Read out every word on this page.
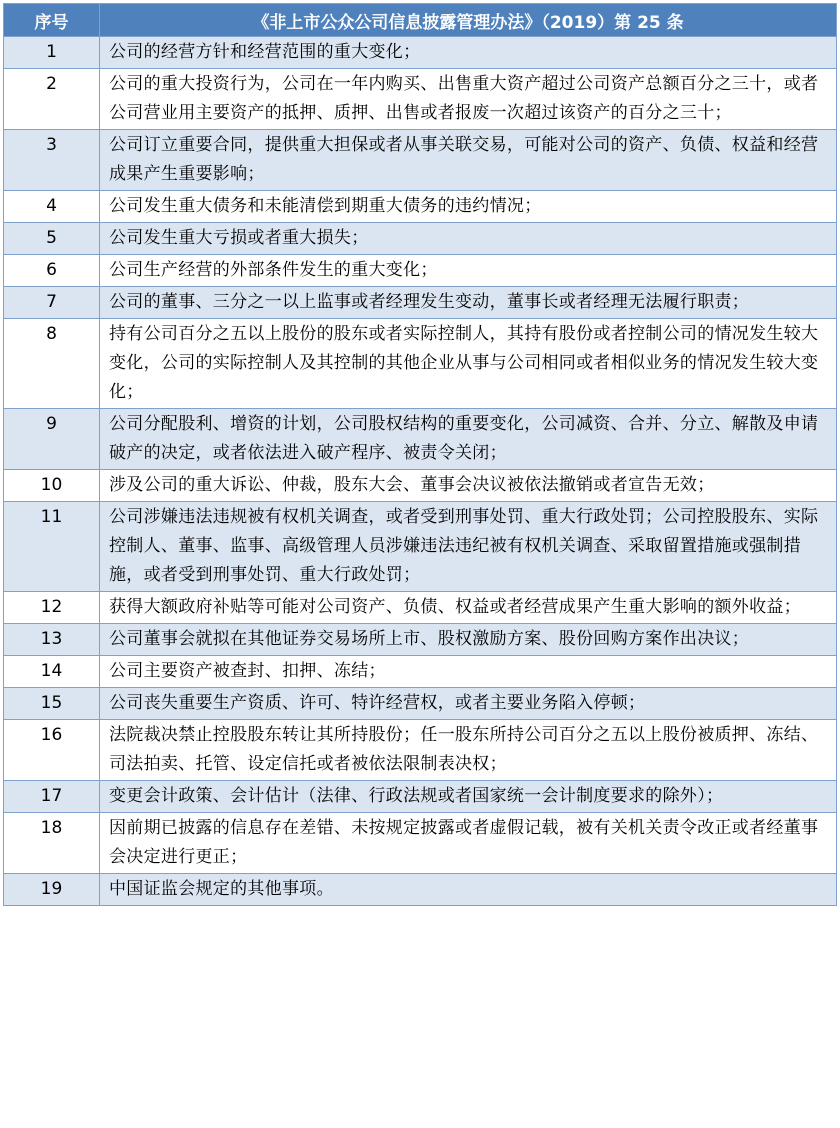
序号	《非上市公众公司信息披露管理办法》（2019）第 25 条
1	公司的经营方针和经营范围的重大变化；
2	公司的重大投资行为，公司在一年内购买、出售重大资产超过公司资产总额百分之三十，或者公司营业用主要资产的抵押、质押、出售或者报废一次超过该资产的百分之三十；
3	公司订立重要合同，提供重大担保或者从事关联交易，可能对公司的资产、负债、权益和经营成果产生重要影响；
4	公司发生重大债务和未能清偿到期重大债务的违约情况；
5	公司发生重大亏损或者重大损失；
6	公司生产经营的外部条件发生的重大变化；
7	公司的董事、三分之一以上监事或者经理发生变动，董事长或者经理无法履行职责；
8	持有公司百分之五以上股份的股东或者实际控制人，其持有股份或者控制公司的情况发生较大变化，公司的实际控制人及其控制的其他企业从事与公司相同或者相似业务的情况发生较大变化；
9	公司分配股利、增资的计划，公司股权结构的重要变化，公司减资、合并、分立、解散及申请破产的决定，或者依法进入破产程序、被责令关闭；
10	涉及公司的重大诉讼、仲裁，股东大会、董事会决议被依法撤销或者宣告无效；
11	公司涉嫌违法违规被有权机关调查，或者受到刑事处罚、重大行政处罚；公司控股股东、实际控制人、董事、监事、高级管理人员涉嫌违法违纪被有权机关调查、采取留置措施或强制措施，或者受到刑事处罚、重大行政处罚；
12	获得大额政府补贴等可能对公司资产、负债、权益或者经营成果产生重大影响的额外收益；
13	公司董事会就拟在其他证券交易场所上市、股权激励方案、股份回购方案作出决议；
14	公司主要资产被查封、扣押、冻结；
15	公司丧失重要生产资质、许可、特许经营权，或者主要业务陷入停顿；
16	法院裁决禁止控股股东转让其所持股份；任一股东所持公司百分之五以上股份被质押、冻结、司法拍卖、托管、设定信托或者被依法限制表决权；
17	变更会计政策、会计估计（法律、行政法规或者国家统一会计制度要求的除外）；
18	因前期已披露的信息存在差错、未按规定披露或者虚假记载，被有关机关责令改正或者经董事会决定进行更正；
19	中国证监会规定的其他事项。
